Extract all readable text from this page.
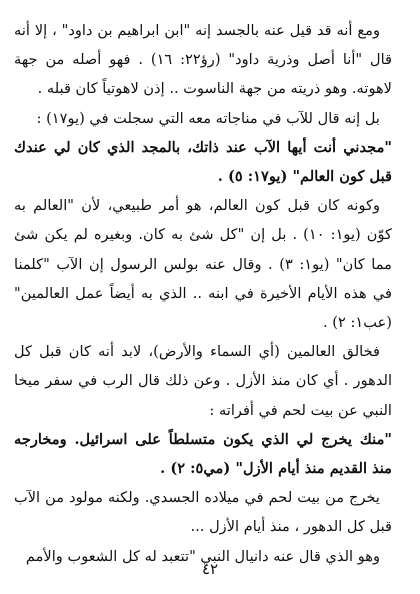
ومع أنه قد قيل عنه بالجسد إنه "ابن ابراهيم بن داود" ، إلا أنه قال "أنا أصل وذرية داود" (رؤ٢٢: ١٦) . فهو أصله من جهة لاهوته. وهو ذريته من جهة الناسوت .. إذن لاهوتياً كان قبله .

بل إنه قال للآب في مناجاته معه التي سجلت في (يو١٧) :

"مجدني أنت أيها الآب عند ذاتك، بالمجد الذي كان لي عندك قبل كون العالم" (يو١٧: ٥) .

وكونه كان قبل كون العالم، هو أمر طبيعي، لأن "العالم به كوّن (يو١: ١٠) . بل إن "كل شئ به كان. وبغيره لم يكن شئ مما كان" (يو١: ٣) . وقال عنه بولس الرسول إن الآب "كلمنا في هذه الأيام الأخيرة في ابنه .. الذي به أيضاً عمل العالمين" (عب١: ٢) .

فخالق العالمين (أي السماء والأرض)، لابد أنه كان قبل كل الدهور . أي كان منذ الأزل . وعن ذلك قال الرب في سفر ميخا النبي عن بيت لحم في أفراته :

"منك يخرج لي الذي يكون متسلطاً على اسرائيل. ومخارجه منذ القديم منذ أيام الأزل" (مي٥: ٢) .

يخرج من بيت لحم في ميلاده الجسدي. ولكنه مولود من الآب قبل كل الدهور ، منذ أيام الأزل ...

وهو الذي قال عنه دانيال النبي "تتعبد له كل الشعوب والأمم

٤٢
